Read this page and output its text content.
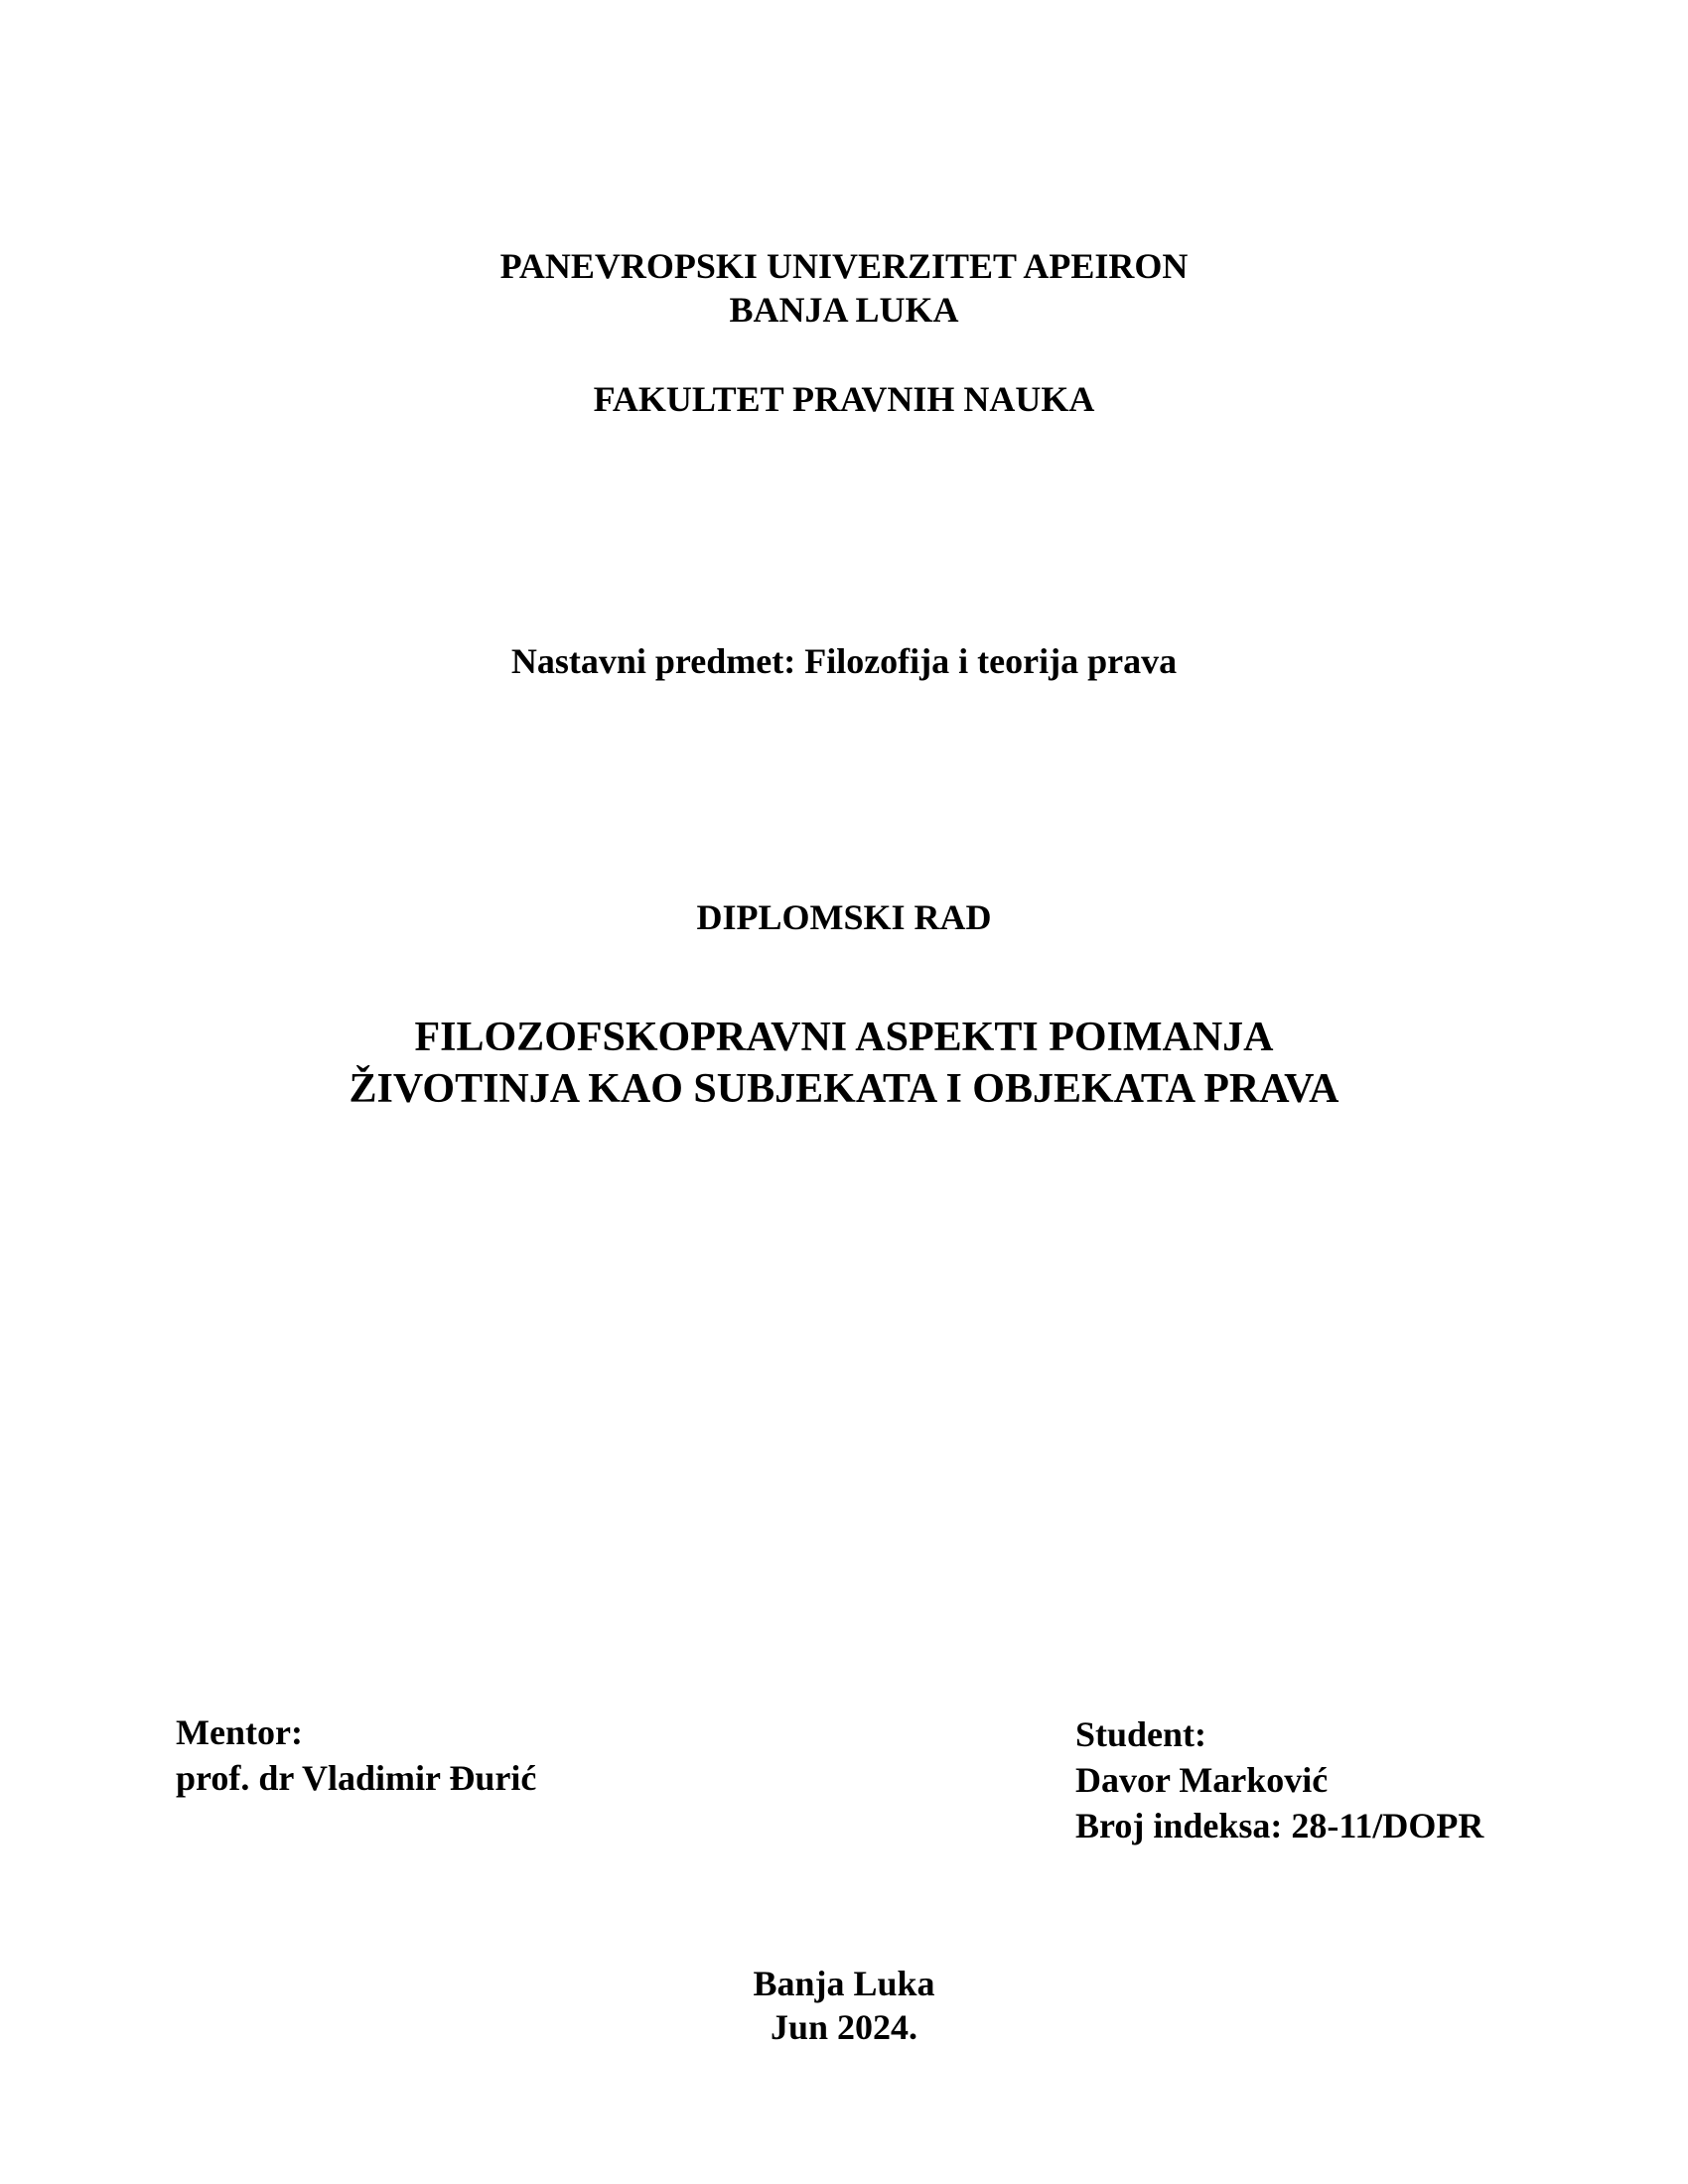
PANEVROPSKI UNIVERZITET APEIRON
BANJA LUKA
FAKULTET PRAVNIH NAUKA
Nastavni predmet: Filozofija i teorija prava
DIPLOMSKI RAD
FILOZOFSKOPRAVNI ASPEKTI POIMANJA
ŽIVOTINJA KAO SUBJEKATA I OBJEKATA PRAVA
Mentor:
prof. dr Vladimir Đurić
Student:
Davor Marković
Broj indeksa: 28-11/DOPR
Banja Luka
Jun 2024.
